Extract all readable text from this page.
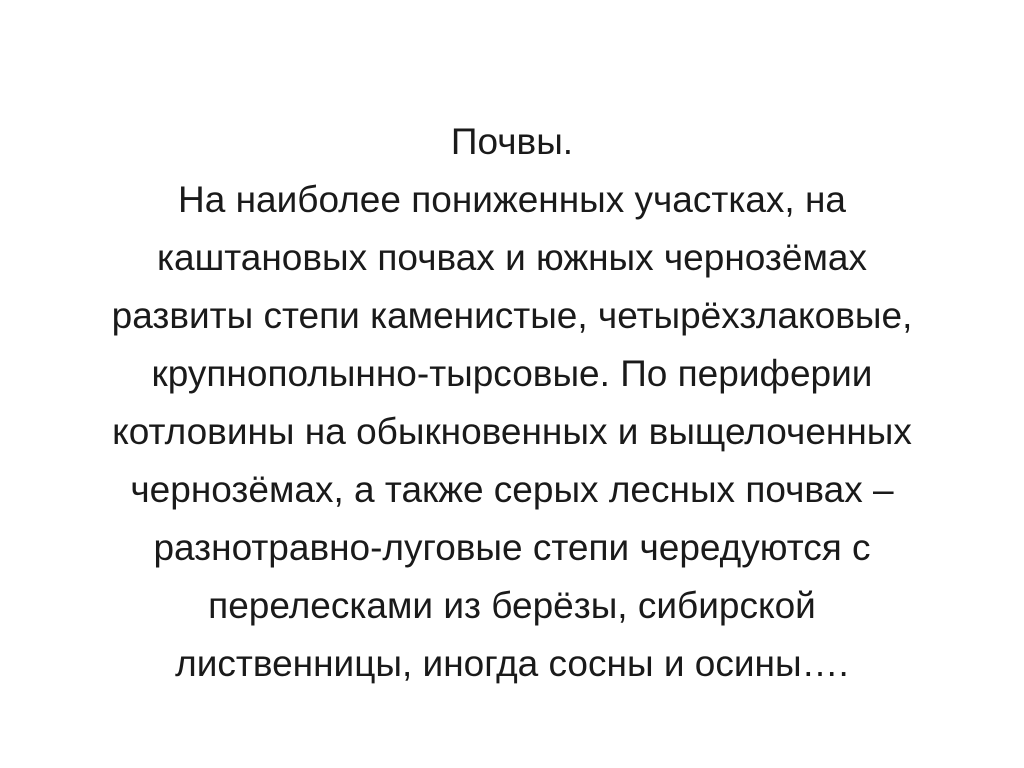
Почвы.
На наиболее пониженных участках, на
каштановых почвах и южных чернозёмах
развиты степи каменистые, четырёхзлаковые,
крупнополынно-тырсовые. По периферии
котловины на обыкновенных и выщелоченных
чернозёмах, а также серых лесных почвах –
разнотравно-луговые степи чередуются с
перелесками из берёзы, сибирской
лиственницы, иногда сосны и осины….
